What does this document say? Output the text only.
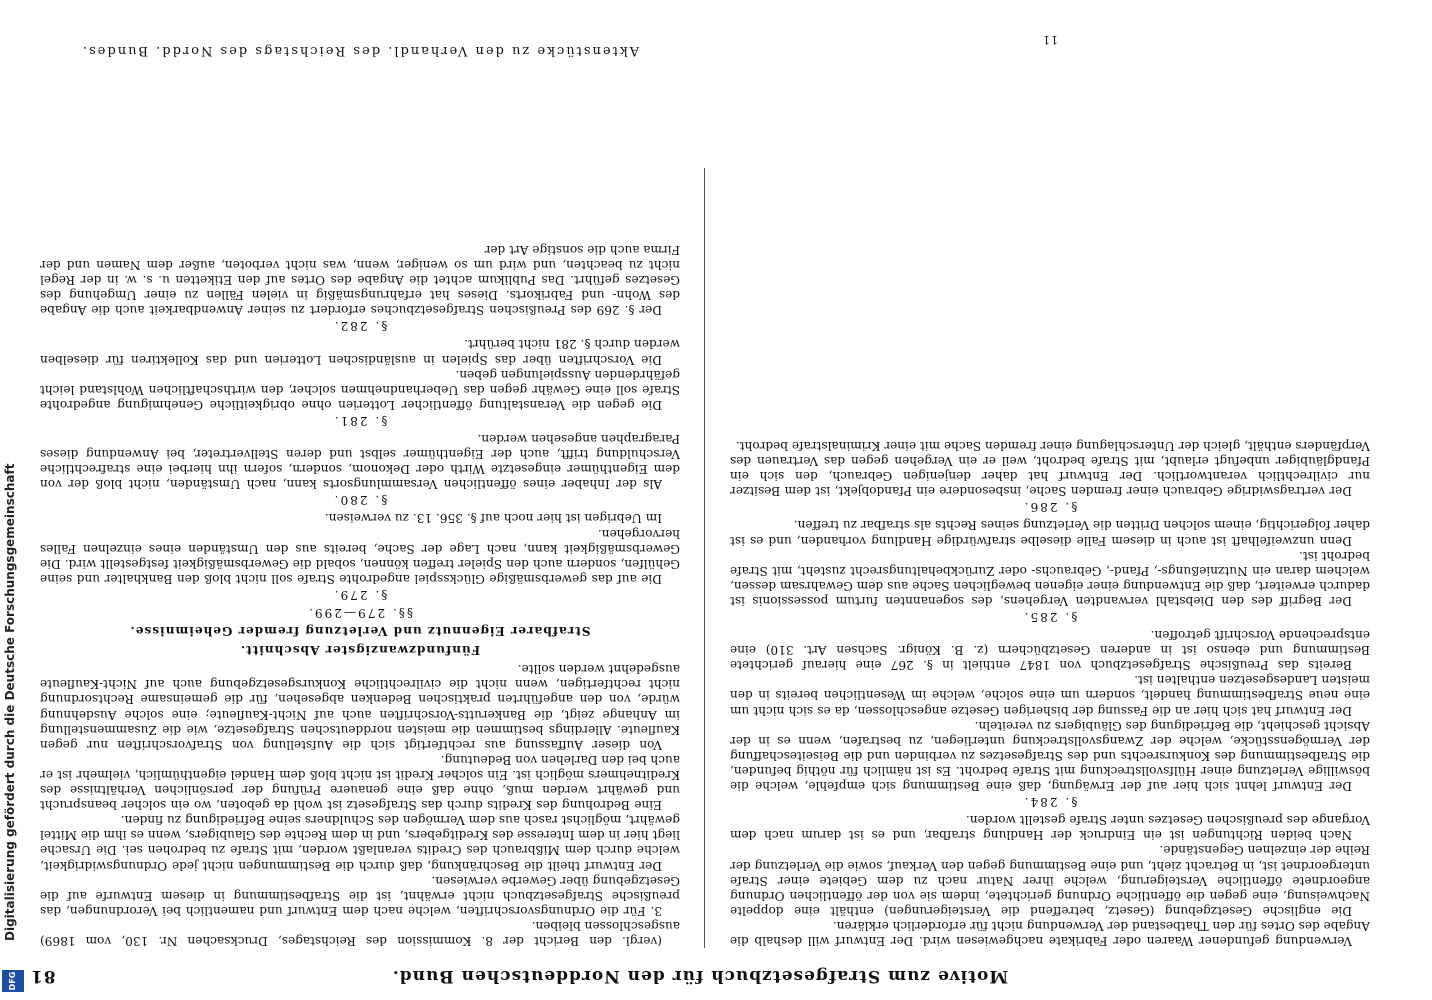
Motive zum Strafgesetzbuch für den Norddeutschen Bund.
81

Verwendung gefundener Waaren oder Fabrikate nachgewiesen wird. Der Entwurf will deshalb die Angabe des Ortes für den Thatbestand der Verwendung nicht für erforderlich erklären.

Die englische Gesetzgebung (Gesetz, betreffend die Versteigerungen) enthält eine doppelte Nachweisung, eine gegen die öffentliche Ordnung gerichtete, indem sie von der öffentlichen Ordnung angeordnete öffentliche Versteigerung, welche ihrer Natur nach zu dem Gebiete einer Strafe untergeordnet ist, in Betracht zieht, und eine Bestimmung gegen den Verkauf, sowie die Verletzung der Reihe der einzelnen Gegenstände.

Nach beiden Richtungen ist ein Eindruck der Handlung strafbar, und es ist darum nach dem Vorgange des preußischen Gesetzes unter Strafe gestellt worden.

§. 284.

Der Entwurf lehnt sich hier auf der Erwägung, daß eine Bestimmung sich empfehle, welche die böswillige Verletzung einer Hülfsvollstreckung mit Strafe bedroht. Es ist nämlich für nöthig befunden, die Strafbestimmung des Konkursrechts und des Strafgesetzes zu verbinden und die Beiseiteschaffung der Vermögensstücke, welche der Zwangsvollstreckung unterliegen, zu bestrafen, wenn es in der Absicht geschieht, die Befriedigung des Gläubigers zu vereiteln.

Der Entwurf hat sich hier an die Fassung der bisherigen Gesetze angeschlossen, da es sich nicht um eine neue Strafbestimmung handelt, sondern um eine solche, welche im Wesentlichen bereits in den meisten Landesgesetzen enthalten ist.

Bereits das Preußische Strafgesetzbuch von 1847 enthielt in §. 267 eine hierauf gerichtete Bestimmung und ebenso ist in anderen Gesetzbüchern (z. B. Königr. Sachsen Art. 310) eine entsprechende Vorschrift getroffen.

§. 285.

Der Begriff des den Diebstahl verwandten Vergehens, des sogenannten furtum possessionis ist dadurch erweitert, daß die Entwendung einer eigenen beweglichen Sache aus dem Gewahrsam dessen, welchem daran ein Nutznießungs-, Pfand-, Gebrauchs- oder Zurückbehaltungsrecht zusteht, mit Strafe bedroht ist.

Denn unzweifelhaft ist auch in diesem Falle dieselbe strafwürdige Handlung vorhanden, und es ist daher folgerichtig, einem solchen Dritten die Verletzung seines Rechts als strafbar zu treffen.

§. 286.

Der vertragswidrige Gebrauch einer fremden Sache, insbesondere ein Pfandobjekt, ist dem Besitzer nur civilrechtlich verantwortlich. Der Entwurf hat daher denjenigen Gebrauch, den sich ein Pfandgläubiger unbefugt erlaubt, mit Strafe bedroht, weil er ein Vergehen gegen das Vertrauen des Verpfänders enthält, gleich der Unterschlagung einer fremden Sache mit einer Kriminalstrafe bedroht.

(vergl. den Bericht der 8. Kommission des Reichstages, Drucksachen Nr. 130, vom 1869) ausgeschlossen bleiben.

3. Für die Ordnungsvorschriften, welche nach dem Entwurf und namentlich bei Verordnungen, das preußische Strafgesetzbuch nicht erwähnt, ist die Strafbestimmung in diesem Entwurfe auf die Gesetzgebung über Gewerbe verwiesen.

Der Entwurf theilt die Beschränkung, daß durch die Bestimmungen nicht jede Ordnungswidrigkeit, welche durch dem Mißbrauch des Credits veranlaßt worden, mit Strafe zu bedrohen sei. Die Ursache liegt hier in dem Interesse des Kreditgebers, und in dem Rechte des Glaubigers, wenn es ihm die Mittel gewährt, möglichst rasch aus dem Vermögen des Schuldners seine Befriedigung zu finden.

Eine Bedrohung des Kredits durch das Strafgesetz ist wohl da geboten, wo ein solcher beansprucht und gewährt werden muß, ohne daß eine genauere Prüfung der persönlichen Verhältnisse des Kreditnehmers möglich ist. Ein solcher Kredit ist nicht bloß dem Handel eigenthümlich, vielmehr ist er auch bei den Darlehen von Bedeutung.

Von dieser Auffassung aus rechtfertigt sich die Aufstellung von Strafvorschriften nur gegen Kaufleute. Allerdings bestimmen die meisten norddeutschen Strafgesetze, wie die Zusammenstellung im Anhange zeigt, die Bankerutts-Vorschriften auch auf Nicht-Kaufleute; eine solche Ausdehnung würde, von den angeführten praktischen Bedenken abgesehen, für die gemeinsame Rechtsordnung nicht rechtfertigen, wenn nicht die civilrechtliche Konkursgesetzgebung auch auf Nicht-Kaufleute ausgedehnt werden sollte.

Fünfundzwanzigster Abschnitt.
Strafbarer Eigennutz und Verletzung fremder Geheimnisse.
§§. 279—299.
§. 279.

Die auf das gewerbsmäßige Glücksspiel angedrohte Strafe soll nicht bloß den Bankhalter und seine Gehülfen, sondern auch den Spieler treffen können, sobald die Gewerbsmäßigkeit festgestellt wird. Die Gewerbsmäßigkeit kann, nach Lage der Sache, bereits aus den Umständen eines einzelnen Falles hervorgehen.

Im Uebrigen ist hier noch auf §. 356. 13. zu verweisen.

§. 280.

Als der Inhaber eines öffentlichen Versammlungsorts kann, nach Umständen, nicht bloß der von dem Eigenthümer eingesetzte Wirth oder Dekonom, sondern, sofern ihn hierbei eine strafrechtliche Verschuldung trifft, auch der Eigenthümer selbst und deren Stellvertreter, bei Anwendung dieses Paragraphen angesehen werden.

§. 281.

Die gegen die Veranstaltung öffentlicher Lotterien ohne obrigkeitliche Genehmigung angedrohte Strafe soll eine Gewähr gegen das Ueberhandnehmen solcher, den wirthschaftlichen Wohlstand leicht gefährdenden Ausspielungen geben.

Die Vorschriften über das Spielen in ausländischen Lotterien und das Kollektiren für dieselben werden durch §. 281 nicht berührt.

§. 282.

Der §. 269 des Preußischen Strafgesetzbuches erfordert zu seiner Anwendbarkeit auch die Angabe des Wohn- und Fabrikorts. Dieses hat erfahrungsmäßig in vielen Fällen zu einer Umgehung des Gesetzes geführt. Das Publikum achtet die Angabe des Ortes auf den Etiketten u. s. w. in der Regel nicht zu beachten, und wird um so weniger, wenn, was nicht verboten, außer dem Namen und der Firma auch die sonstige Art der

11
Aktenstücke zu den Verhandl. des Reichstags des Nordd. Bundes.
Digitalisierung gefördert durch die Deutsche Forschungsgemeinschaft
DFG
